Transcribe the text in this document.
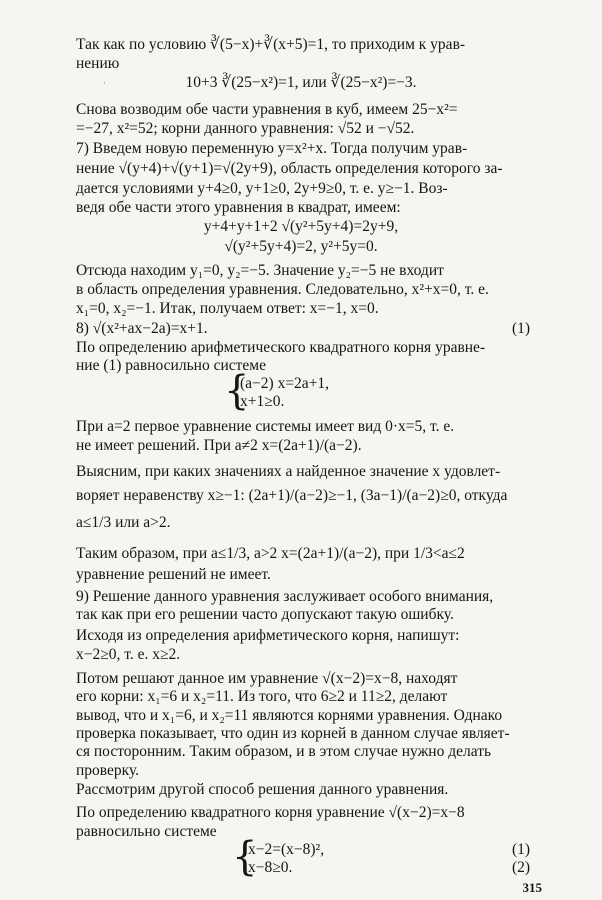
·
Так как по условию ∛(5−x)+∛(x+5)=1, то приходим к урав-
нению
10+3 ∛(25−x²)=1, или ∛(25−x²)=−3.
Снова возводим обе части уравнения в куб, имеем 25−x²=
=−27, x²=52; корни данного уравнения: √52 и −√52.
7) Введем новую переменную y=x²+x. Тогда получим урав-
нение √(y+4)+√(y+1)=√(2y+9), область определения которого за-
дается условиями y+4≥0, y+1≥0, 2y+9≥0, т. е. y≥−1. Воз-
ведя обе части этого уравнения в квадрат, имеем:
y+4+y+1+2 √(y²+5y+4)=2y+9,
√(y²+5y+4)=2, y²+5y=0.
Отсюда находим y₁=0, y₂=−5. Значение y₂=−5 не входит
в область определения уравнения. Следовательно, x²+x=0, т. е.
x₁=0, x₂=−1. Итак, получаем ответ: x=−1, x=0.
8) √(x²+ax−2a)=x+1.	(1)
По определению арифметического квадратного корня уравне-
ние (1) равносильно системе
{
(a−2) x=2a+1,
x+1≥0.
При a=2 первое уравнение системы имеет вид 0·x=5, т. е.
не имеет решений. При a≠2 x=(2a+1)/(a−2).
Выясним, при каких значениях a найденное значение x удовлет-
воряет неравенству x≥−1: (2a+1)/(a−2)≥−1, (3a−1)/(a−2)≥0, откуда
a≤1/3 или a>2.
Таким образом, при a≤1/3, a>2 x=(2a+1)/(a−2), при 1/3<a≤2
уравнение решений не имеет.
9) Решение данного уравнения заслуживает особого внимания,
так как при его решении часто допускают такую ошибку.
Исходя из определения арифметического корня, напишут:
x−2≥0, т. е. x≥2.
Потом решают данное им уравнение √(x−2)=x−8, находят
его корни: x₁=6 и x₂=11. Из того, что 6≥2 и 11≥2, делают
вывод, что и x₁=6, и x₂=11 являются корнями уравнения. Однако
проверка показывает, что один из корней в данном случае являет-
ся посторонним. Таким образом, и в этом случае нужно делать
проверку.
Рассмотрим другой способ решения данного уравнения.
По определению квадратного корня уравнение √(x−2)=x−8
равносильно системе
{
x−2=(x−8)²,
x−8≥0.
(1)
(2)
315
